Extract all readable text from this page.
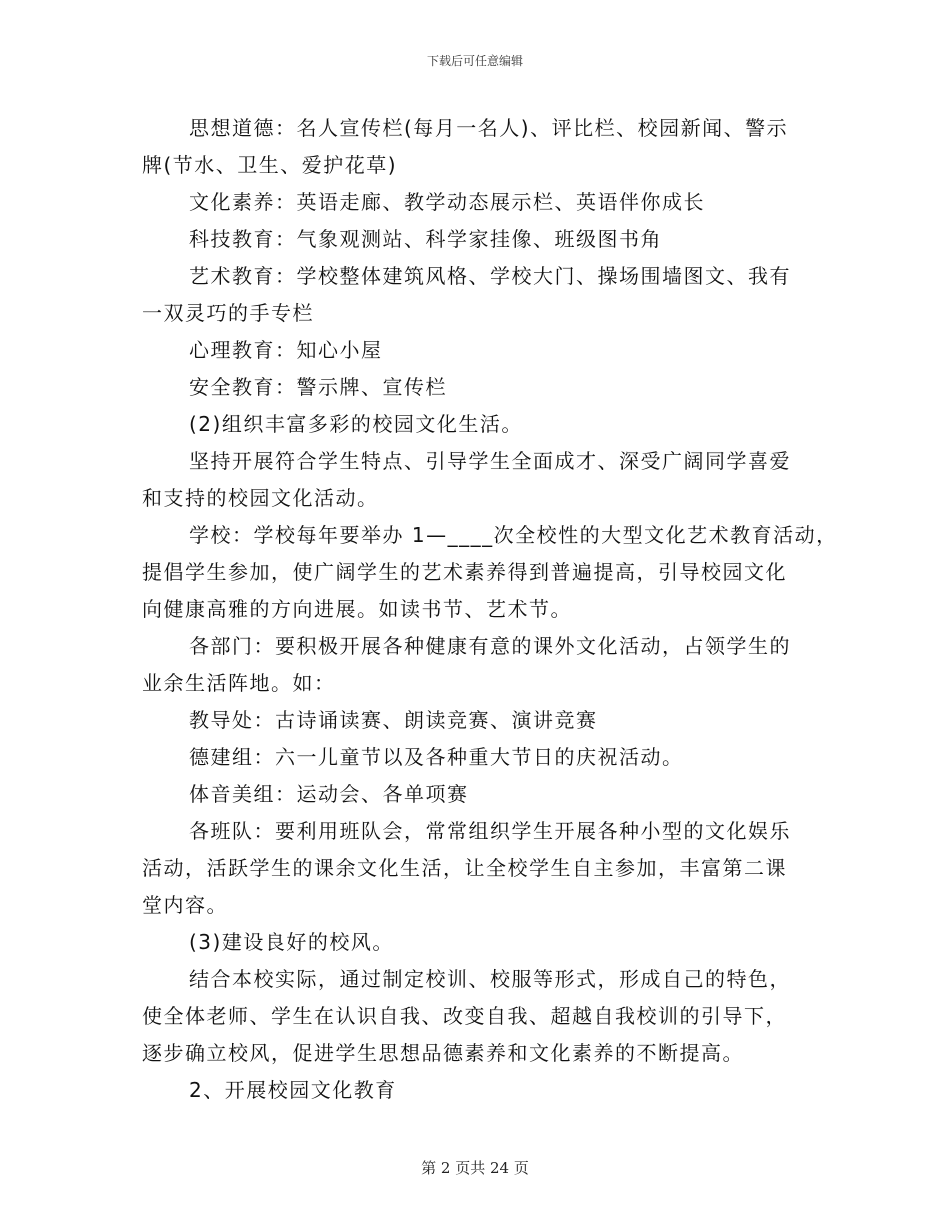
下载后可任意编辑
思想道德：名人宣传栏(每月一名人)、评比栏、校园新闻、警示
牌(节水、卫生、爱护花草)
文化素养：英语走廊、教学动态展示栏、英语伴你成长
科技教育：气象观测站、科学家挂像、班级图书角
艺术教育：学校整体建筑风格、学校大门、操场围墙图文、我有
一双灵巧的手专栏
心理教育：知心小屋
安全教育：警示牌、宣传栏
(2)组织丰富多彩的校园文化生活。
坚持开展符合学生特点、引导学生全面成才、深受广阔同学喜爱
和支持的校园文化活动。
学校：学校每年要举办 1—____次全校性的大型文化艺术教育活动，
提倡学生参加，使广阔学生的艺术素养得到普遍提高，引导校园文化
向健康高雅的方向进展。如读书节、艺术节。
各部门：要积极开展各种健康有意的课外文化活动，占领学生的
业余生活阵地。如：
教导处：古诗诵读赛、朗读竞赛、演讲竞赛
德建组：六一儿童节以及各种重大节日的庆祝活动。
体音美组：运动会、各单项赛
各班队：要利用班队会，常常组织学生开展各种小型的文化娱乐
活动，活跃学生的课余文化生活，让全校学生自主参加，丰富第二课
堂内容。
(3)建设良好的校风。
结合本校实际，通过制定校训、校服等形式，形成自己的特色，
使全体老师、学生在认识自我、改变自我、超越自我校训的引导下，
逐步确立校风，促进学生思想品德素养和文化素养的不断提高。
2、开展校园文化教育
第 2 页共 24 页
